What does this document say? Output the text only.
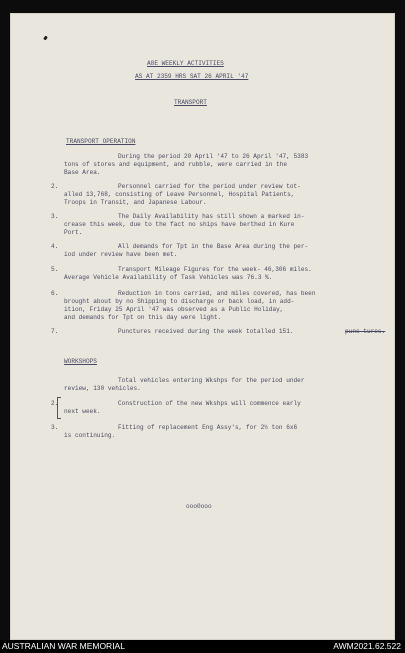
A8E WEEKLY ACTIVITIES

AS AT 2359 HRS SAT 26 APRIL '47

TRANSPORT

TRANSPORT OPERATION

During the period 20 April '47 to 26 April '47, 5383

tons of stores and equipment, and rubble, were carried in the

Base Area.

2.	Personnel carried for the period under review tot-

alled 13,768, consisting of Leave Personnel, Hospital Patients,

Troops in Transit, and Japanese Labour.

3.	The Daily Availability has still shown a marked in-

crease this week, due to the fact no ships have berthed in Kure

Port.

4.	All demands for Tpt in the Base Area during the per-

iod under review have been met.

5.	Transport Mileage Figures for the week- 46,306 miles.

Average Vehicle Availability of Task Vehicles was 76.3 %.

6.	Reduction in tons carried, and miles covered, has been

brought about by no Shipping to discharge or back load, in add-

ition, Friday 25 April '47 was observed as a Public Holiday,

and demands for Tpt on this day were light.

7.	Punctures received during the week totalled 151.	punc-tures.

WORKSHOPS

Total vehicles entering Wkshps for the period under

review, 130 vehicles.

2.	Construction of the new Wkshps will commence early

next week.

3.	Fitting of replacement Eng Assy's, for 2½ ton 6x6

is continuing.

ooo0ooo

AUSTRALIAN WAR MEMORIAL	AWM2021.62.522
